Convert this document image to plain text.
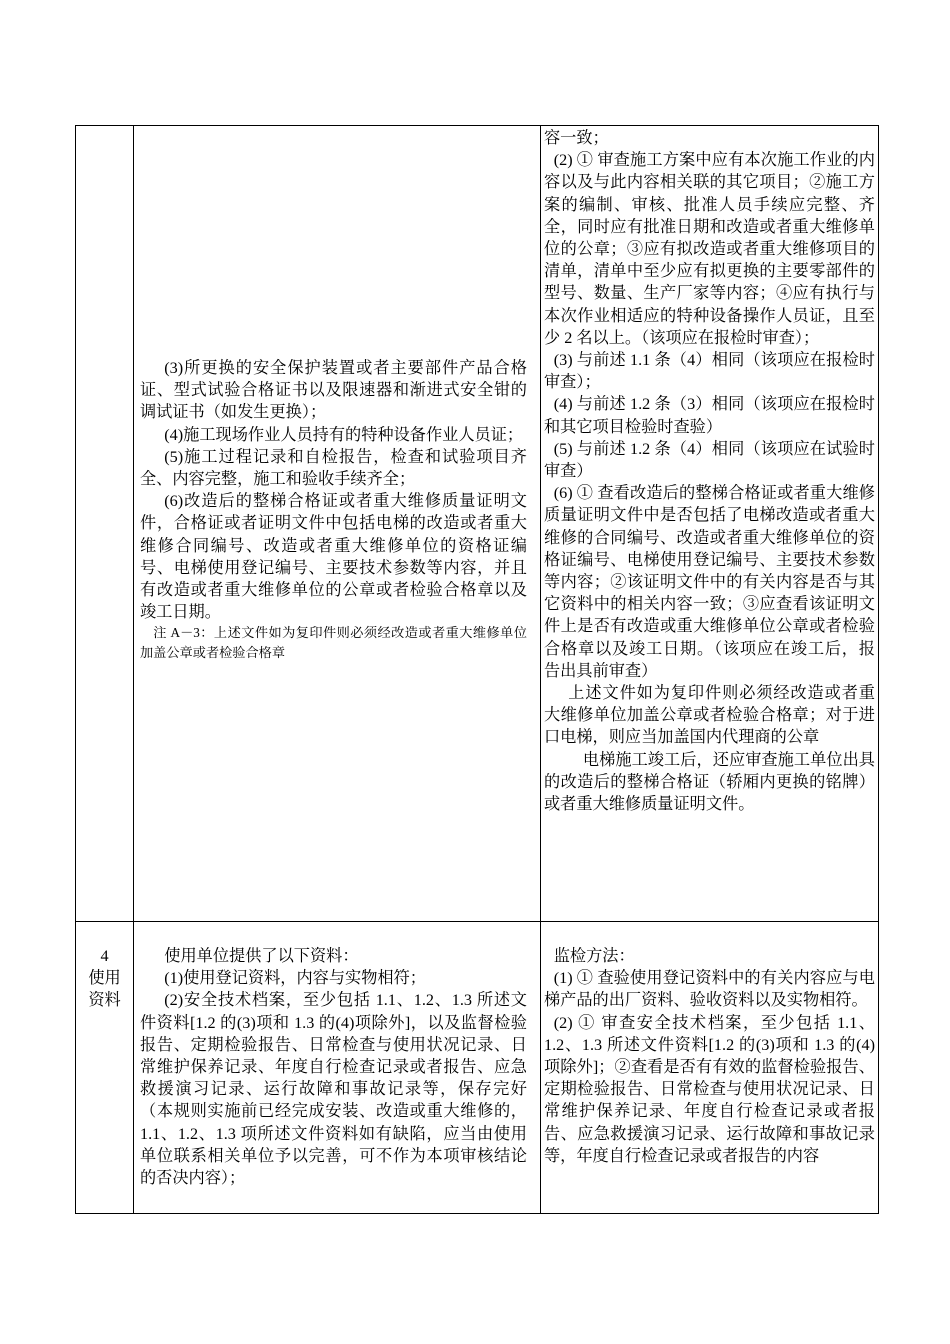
(3)所更换的安全保护装置或者主要部件产品合格证、型式试验合格证书以及限速器和渐进式安全钳的调试证书（如发生更换）；

(4)施工现场作业人员持有的特种设备作业人员证；

(5)施工过程记录和自检报告，检查和试验项目齐全、内容完整，施工和验收手续齐全；

(6)改造后的整梯合格证或者重大维修质量证明文件，合格证或者证明文件中包括电梯的改造或者重大维修合同编号、改造或者重大维修单位的资格证编号、电梯使用登记编号、主要技术参数等内容，并且有改造或者重大维修单位的公章或者检验合格章以及竣工日期。

注 A－3：上述文件如为复印件则必须经改造或者重大维修单位加盖公章或者检验合格章

容一致；

(2) ① 审查施工方案中应有本次施工作业的内容以及与此内容相关联的其它项目；②施工方案的编制、审核、批准人员手续应完整、齐全，同时应有批准日期和改造或者重大维修单位的公章；③应有拟改造或者重大维修项目的清单，清单中至少应有拟更换的主要零部件的型号、数量、生产厂家等内容；④应有执行与本次作业相适应的特种设备操作人员证，且至少 2 名以上。（该项应在报检时审查）；

(3) 与前述 1.1 条（4）相同（该项应在报检时审查）；

(4) 与前述 1.2 条（3）相同（该项应在报检时和其它项目检验时查验）

(5) 与前述 1.2 条（4）相同（该项应在试验时审查）

(6) ① 查看改造后的整梯合格证或者重大维修质量证明文件中是否包括了电梯改造或者重大维修的合同编号、改造或者重大维修单位的资格证编号、电梯使用登记编号、主要技术参数等内容；②该证明文件中的有关内容是否与其它资料中的相关内容一致；③应查看该证明文件上是否有改造或重大维修单位公章或者检验合格章以及竣工日期。（该项应在竣工后，报告出具前审查）

上述文件如为复印件则必须经改造或者重大维修单位加盖公章或者检验合格章；对于进口电梯，则应当加盖国内代理商的公章

电梯施工竣工后，还应审查施工单位出具的改造后的整梯合格证（轿厢内更换的铭牌）或者重大维修质量证明文件。

4
使用
资料

使用单位提供了以下资料：

(1)使用登记资料，内容与实物相符；

(2)安全技术档案，至少包括 1.1、1.2、1.3 所述文件资料[1.2 的(3)项和 1.3 的(4)项除外]，以及监督检验报告、定期检验报告、日常检查与使用状况记录、日常维护保养记录、年度自行检查记录或者报告、应急救援演习记录、运行故障和事故记录等，保存完好（本规则实施前已经完成安装、改造或重大维修的，1.1、1.2、1.3 项所述文件资料如有缺陷，应当由使用单位联系相关单位予以完善，可不作为本项审核结论的否决内容）；

监检方法：

(1) ① 查验使用登记资料中的有关内容应与电梯产品的出厂资料、验收资料以及实物相符。

(2) ① 审查安全技术档案，至少包括 1.1、1.2、1.3 所述文件资料[1.2 的(3)项和 1.3 的(4)项除外]；②查看是否有有效的监督检验报告、定期检验报告、日常检查与使用状况记录、日常维护保养记录、年度自行检查记录或者报告、应急救援演习记录、运行故障和事故记录等，年度自行检查记录或者报告的内容
